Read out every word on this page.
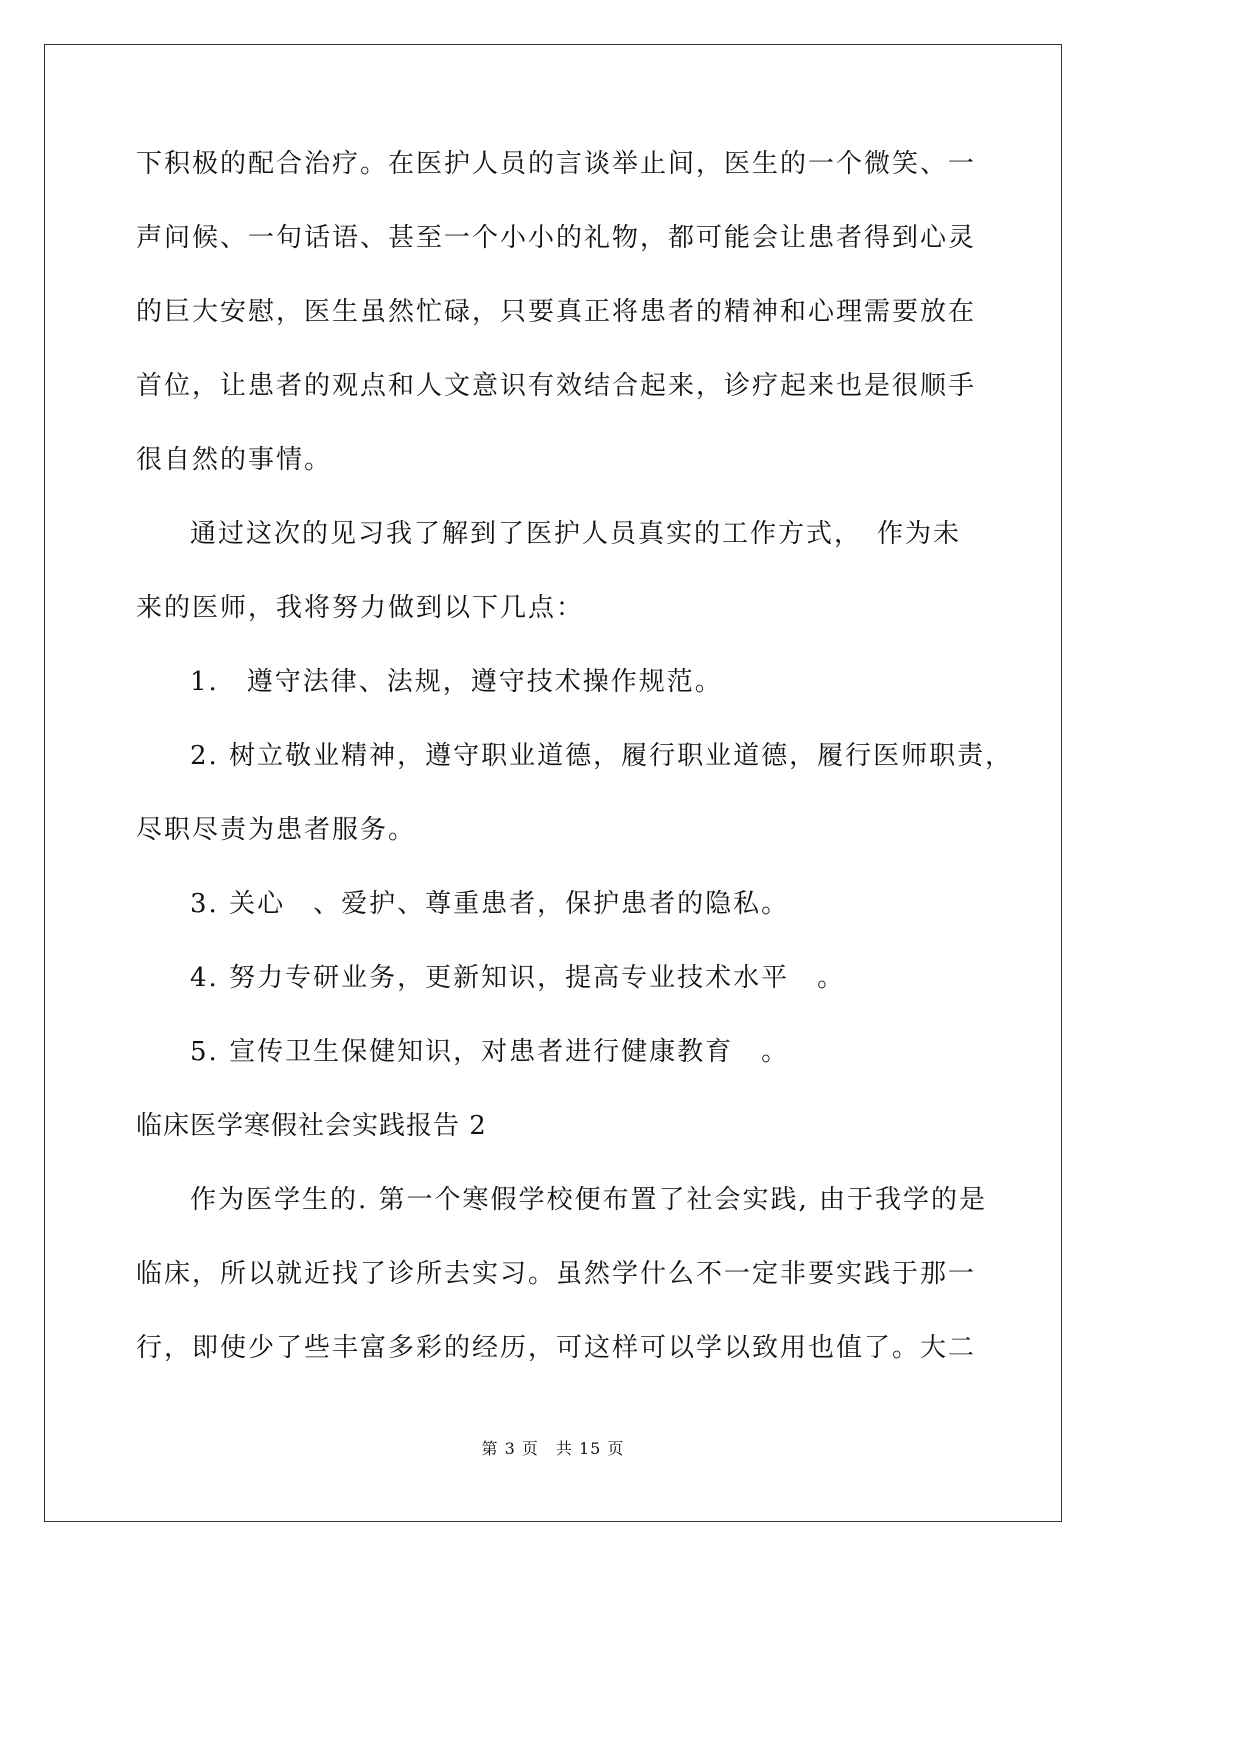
下积极的配合治疗。在医护人员的言谈举止间，医生的一个微笑、一
声问候、一句话语、甚至一个小小的礼物，都可能会让患者得到心灵
的巨大安慰，医生虽然忙碌，只要真正将患者的精神和心理需要放在
首位，让患者的观点和人文意识有效结合起来，诊疗起来也是很顺手
很自然的事情。
通过这次的见习我了解到了医护人员真实的工作方式，　作为未
来的医师，我将努力做到以下几点：
1.　遵守法律、法规，遵守技术操作规范。
2. 树立敬业精神，遵守职业道德，履行职业道德，履行医师职责，
尽职尽责为患者服务。
3. 关心　、爱护、尊重患者，保护患者的隐私。
4. 努力专研业务，更新知识，提高专业技术水平　。
5. 宣传卫生保健知识，对患者进行健康教育　。
临床医学寒假社会实践报告 2
作为医学生的. 第一个寒假学校便布置了社会实践, 由于我学的是
临床，所以就近找了诊所去实习。虽然学什么不一定非要实践于那一
行，即使少了些丰富多彩的经历，可这样可以学以致用也值了。大二
第 3 页　共 15 页
